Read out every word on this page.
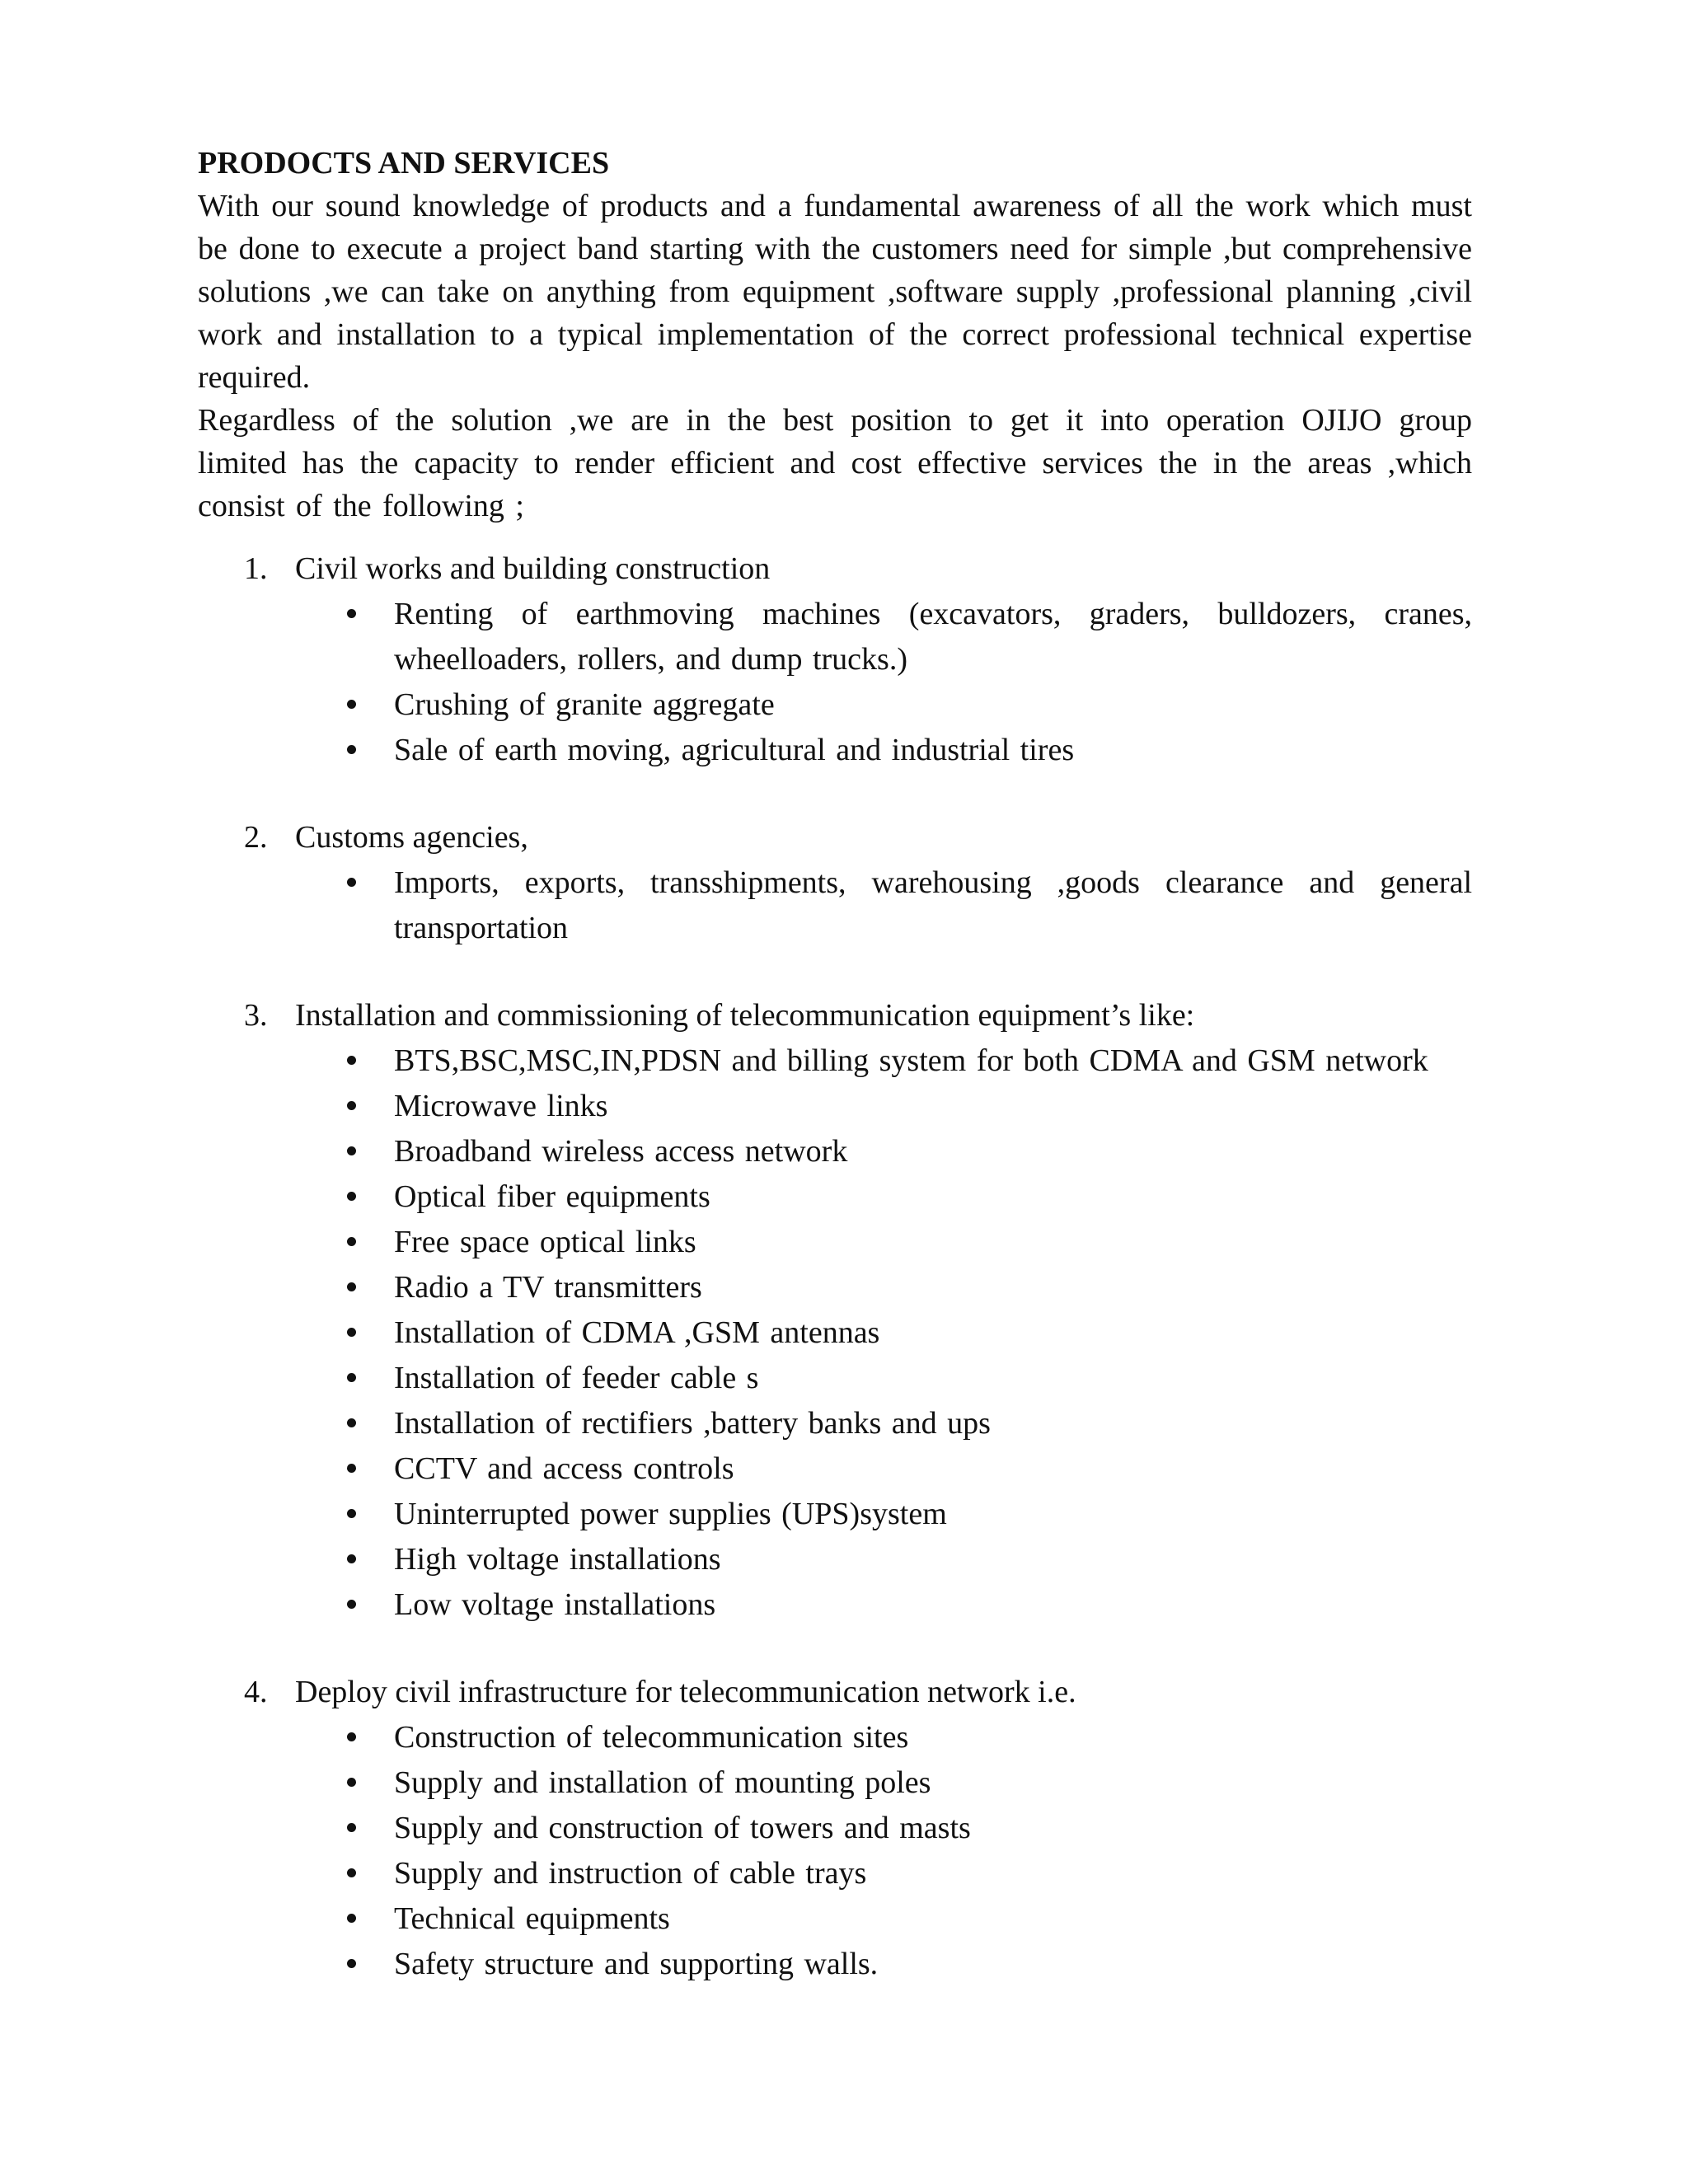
PRODOCTS AND SERVICES

With our sound knowledge of products and a fundamental awareness of all the work which must be done to execute a project band starting with the customers need for simple ,but comprehensive solutions ,we can take on anything from equipment ,software supply ,professional planning ,civil work and installation to a typical implementation of the correct professional technical expertise required.

Regardless of the solution ,we are in the best position to get it into operation OJIJO group limited has the capacity to render efficient and cost effective services the in the areas ,which consist of the following ;

1. Civil works and building construction
Renting of earthmoving machines (excavators, graders, bulldozers, cranes, wheelloaders, rollers, and dump trucks.)
Crushing of granite aggregate
Sale of earth moving, agricultural and industrial tires
2. Customs agencies,
Imports, exports, transshipments, warehousing ,goods clearance and general transportation
3. Installation and commissioning of telecommunication equipment’s like:
BTS,BSC,MSC,IN,PDSN and billing system for both CDMA and GSM network
Microwave links
Broadband wireless access network
Optical fiber equipments
Free space optical links
Radio a TV transmitters
Installation of CDMA ,GSM antennas
Installation of feeder cable s
Installation of rectifiers ,battery banks and ups
CCTV and access controls
Uninterrupted power supplies (UPS)system
High voltage installations
Low voltage installations
4. Deploy civil infrastructure for telecommunication network i.e.
Construction of telecommunication sites
Supply and installation of mounting poles
Supply and construction of towers and masts
Supply and instruction of cable trays
Technical equipments
Safety structure and supporting walls.
